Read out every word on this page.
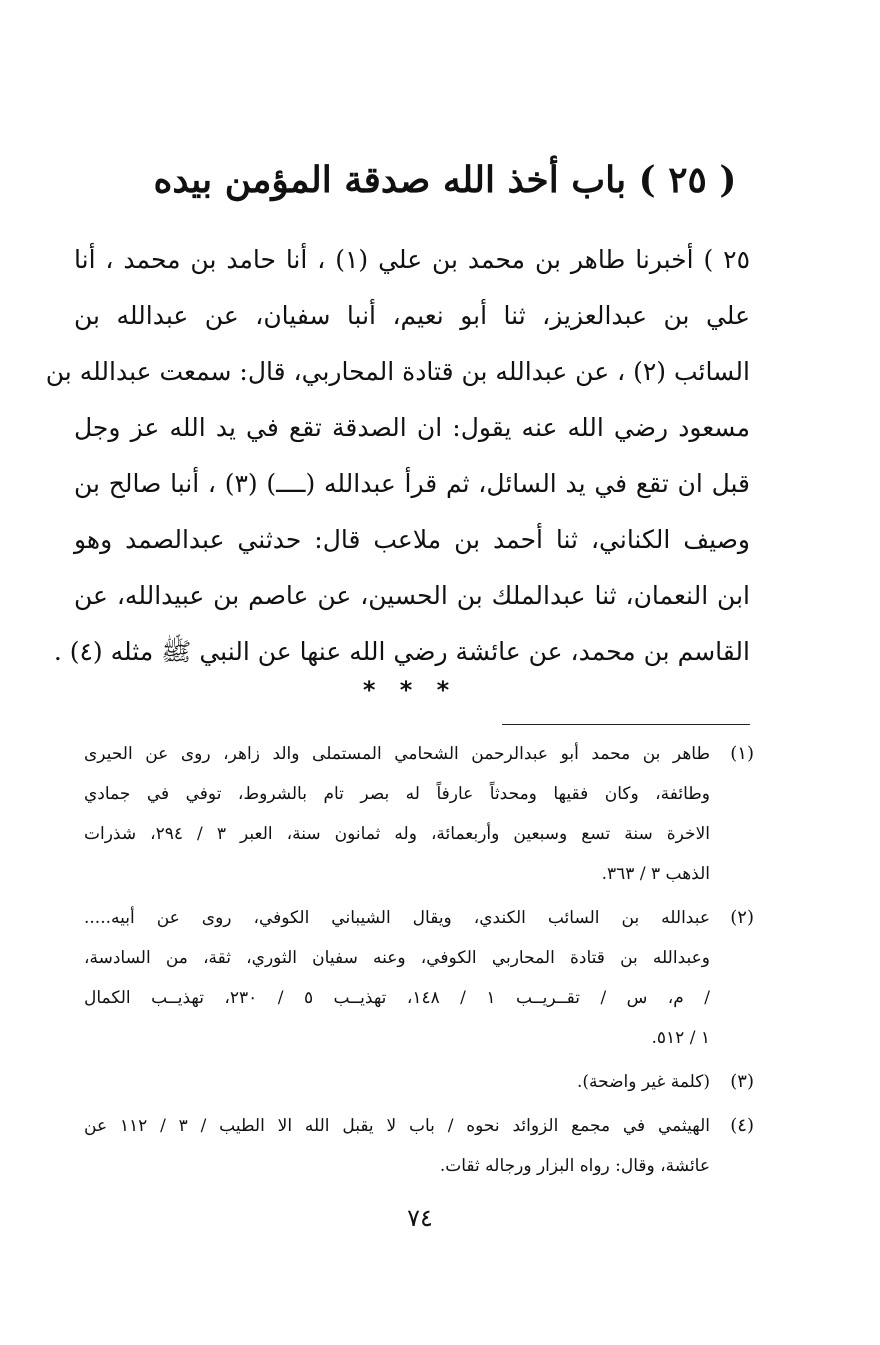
( ٢٥ ) باب أخذ الله صدقة المؤمن بيده
٢٥ ) أخبرنا طاهر بن محمد بن علي (١) ، أنا حامد بن محمد ، أنا
علي بن عبدالعزيز، ثنا أبو نعيم، أنبا سفيان، عن عبدالله بن
السائب (٢) ، عن عبدالله بن قتادة المحاربي، قال: سمعت عبدالله بن
مسعود رضي الله عنه يقول: ان الصدقة تقع في يد الله عز وجل
قبل ان تقع في يد السائل، ثم قرأ عبدالله (ــــ) (٣) ، أنبا صالح بن
وصيف الكناني، ثنا أحمد بن ملاعب قال: حدثني عبدالصمد وهو
ابن النعمان، ثنا عبدالملك بن الحسين، عن عاصم بن عبيدالله، عن
القاسم بن محمد، عن عائشة رضي الله عنها عن النبي ﷺ مثله (٤) .
* * *
(١)
طاهر بن محمد أبو عبدالرحمن الشحامي المستملى والد زاهر، روى عن الحيرى
وطائفة، وكان فقيها ومحدثاً عارفاً له بصر تام بالشروط، توفي في جمادي
الاخرة سنة تسع وسبعين وأربعمائة، وله ثمانون سنة، العبر ٣ / ٢٩٤، شذرات
الذهب ٣ / ٣٦٣.
(٢)
عبدالله بن السائب الكندي، ويقال الشيباني الكوفي، روى عن أبيه.....
وعبدالله بن قتادة المحاربي الكوفي، وعنه سفيان الثوري، ثقة، من السادسة،
/ م، س / تقــريــب ١ / ١٤٨، تهذيــب ٥ / ٢٣٠، تهذيــب الكمال
١ / ٥١٢.
(٣)
(كلمة غير واضحة).
(٤)
الهيثمي في مجمع الزوائد نحوه / باب لا يقبل الله الا الطيب / ٣ / ١١٢ عن
عائشة، وقال: رواه البزار ورجاله ثقات.
٧٤
